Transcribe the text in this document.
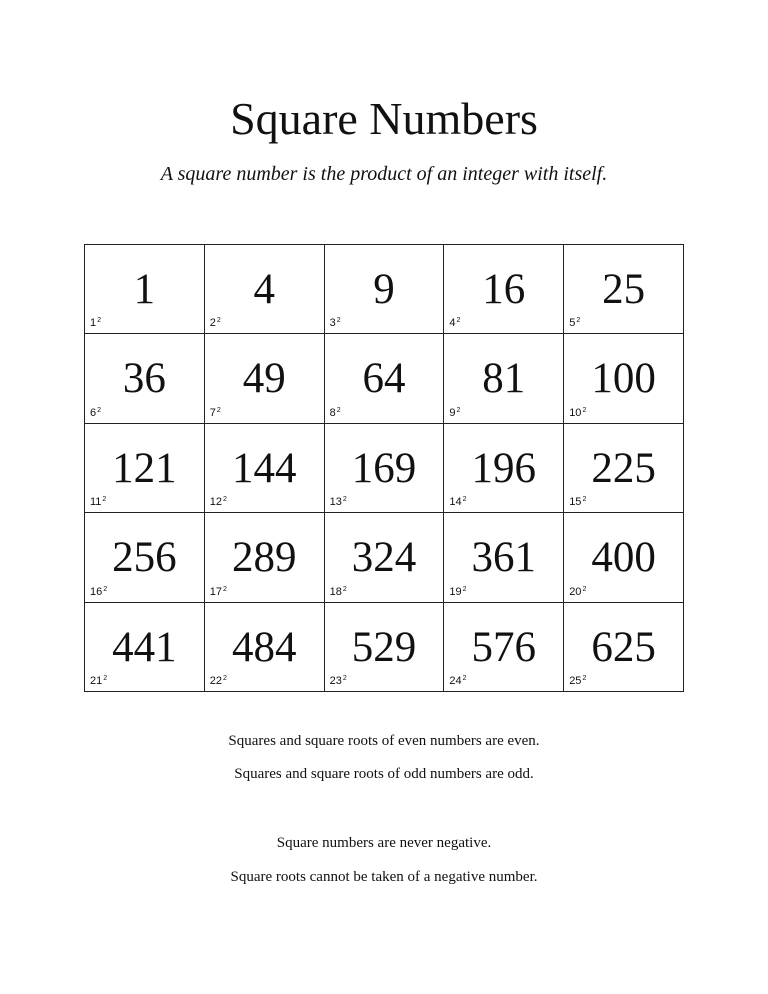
Square Numbers
A square number is the product of an integer with itself.
1
$1^2$
4
$2^2$
9
$3^2$
16
$4^2$
25
$5^2$
36
$6^2$
49
$7^2$
64
$8^2$
81
$9^2$
100
$10^2$
121
$11^2$
144
$12^2$
169
$13^2$
196
$14^2$
225
$15^2$
256
$16^2$
289
$17^2$
324
$18^2$
361
$19^2$
400
$20^2$
441
$21^2$
484
$22^2$
529
$23^2$
576
$24^2$
625
$25^2$
Squares and square roots of even numbers are even.
Squares and square roots of odd numbers are odd.
Square numbers are never negative.
Square roots cannot be taken of a negative number.
